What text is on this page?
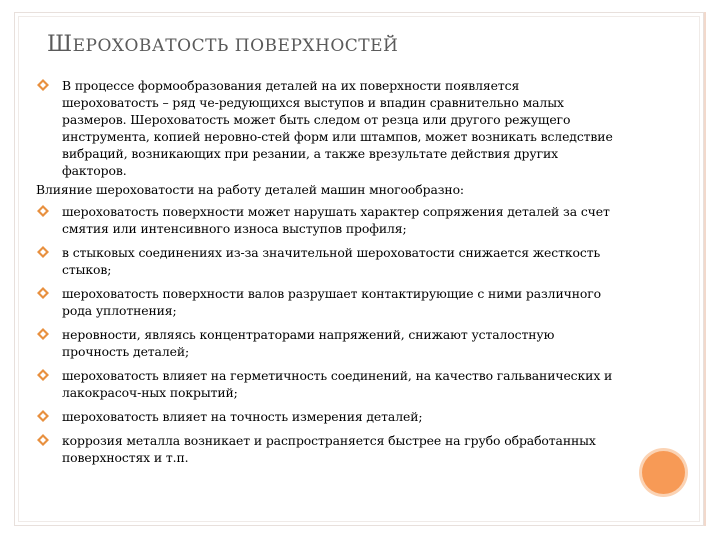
ШЕРОХОВАТОСТЬ ПОВЕРХНОСТЕЙ
В процессе формообразования деталей на их поверхности появляется шероховатость – ряд че-редующихся выступов и впадин сравнительно малых размеров. Шероховатость может быть следом от резца или другого режущего инструмента, копией неровно-стей форм или штампов, может возникать вследствие вибраций, возникающих при резании, а также врезультате действия других факторов.
Влияние шероховатости на работу деталей машин многообразно:
шероховатость поверхности может нарушать характер сопряжения деталей за счет смятия или интенсивного износа выступов профиля;
в стыковых соединениях из-за значительной шероховатости снижается жесткость стыков;
шероховатость поверхности валов разрушает контактирующие с ними различного рода уплотнения;
неровности, являясь концентраторами напряжений, снижают усталостную прочность деталей;
шероховатость влияет на герметичность соединений, на качество гальванических и лакокрасоч-ных покрытий;
шероховатость влияет на точность измерения деталей;
коррозия металла возникает и распространяется быстрее на грубо обработанных поверхностях и т.п.
